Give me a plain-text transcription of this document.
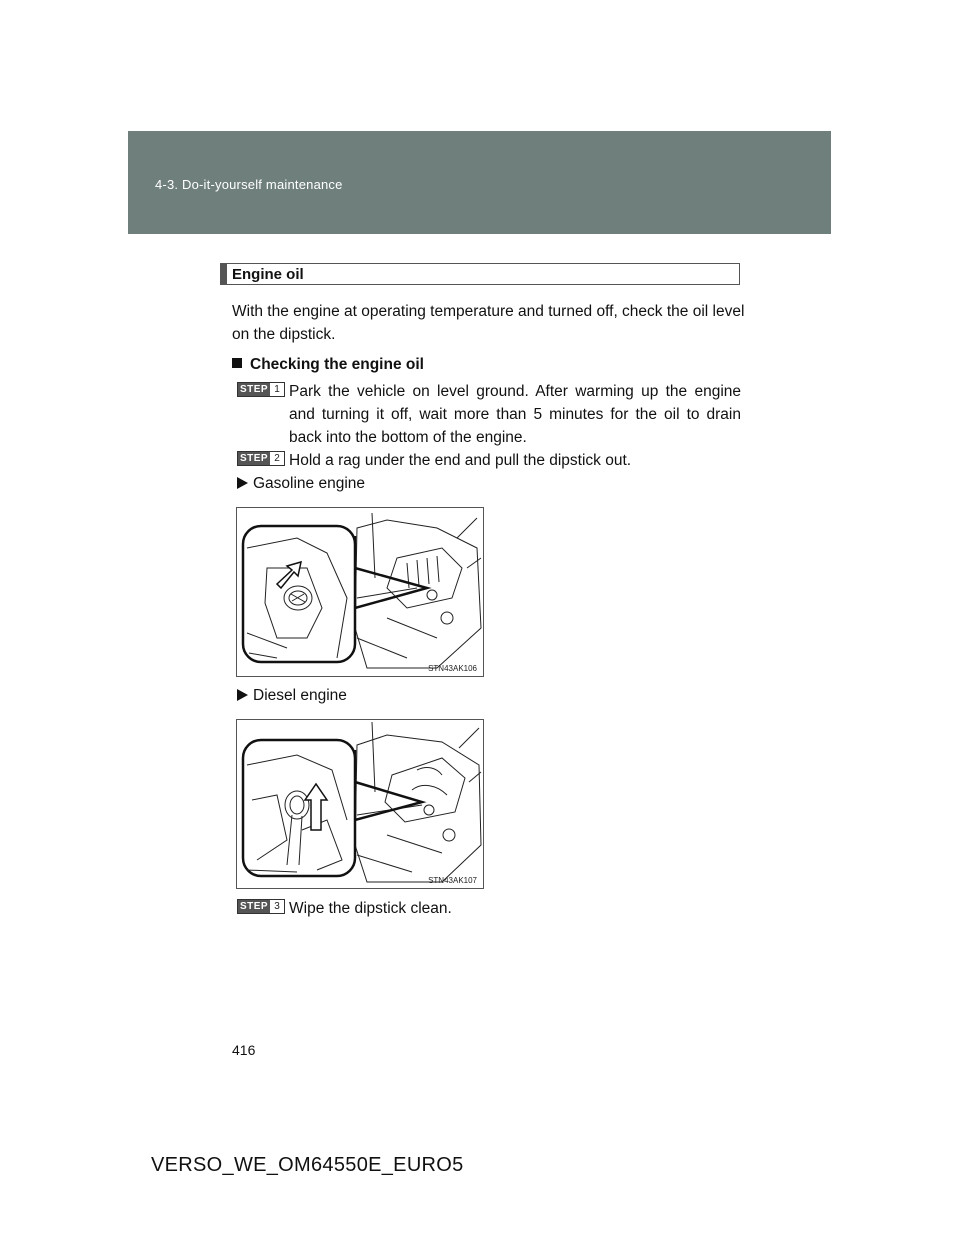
4-3. Do-it-yourself maintenance
Engine oil
With the engine at operating temperature and turned off, check the oil level on the dipstick.
Checking the engine oil
STEP 1 Park the vehicle on level ground. After warming up the engine and turning it off, wait more than 5 minutes for the oil to drain back into the bottom of the engine.
STEP 2 Hold a rag under the end and pull the dipstick out.
Gasoline engine
STN43AK106
Diesel engine
STN43AK107
STEP 3 Wipe the dipstick clean.
416
VERSO_WE_OM64550E_EURO5
